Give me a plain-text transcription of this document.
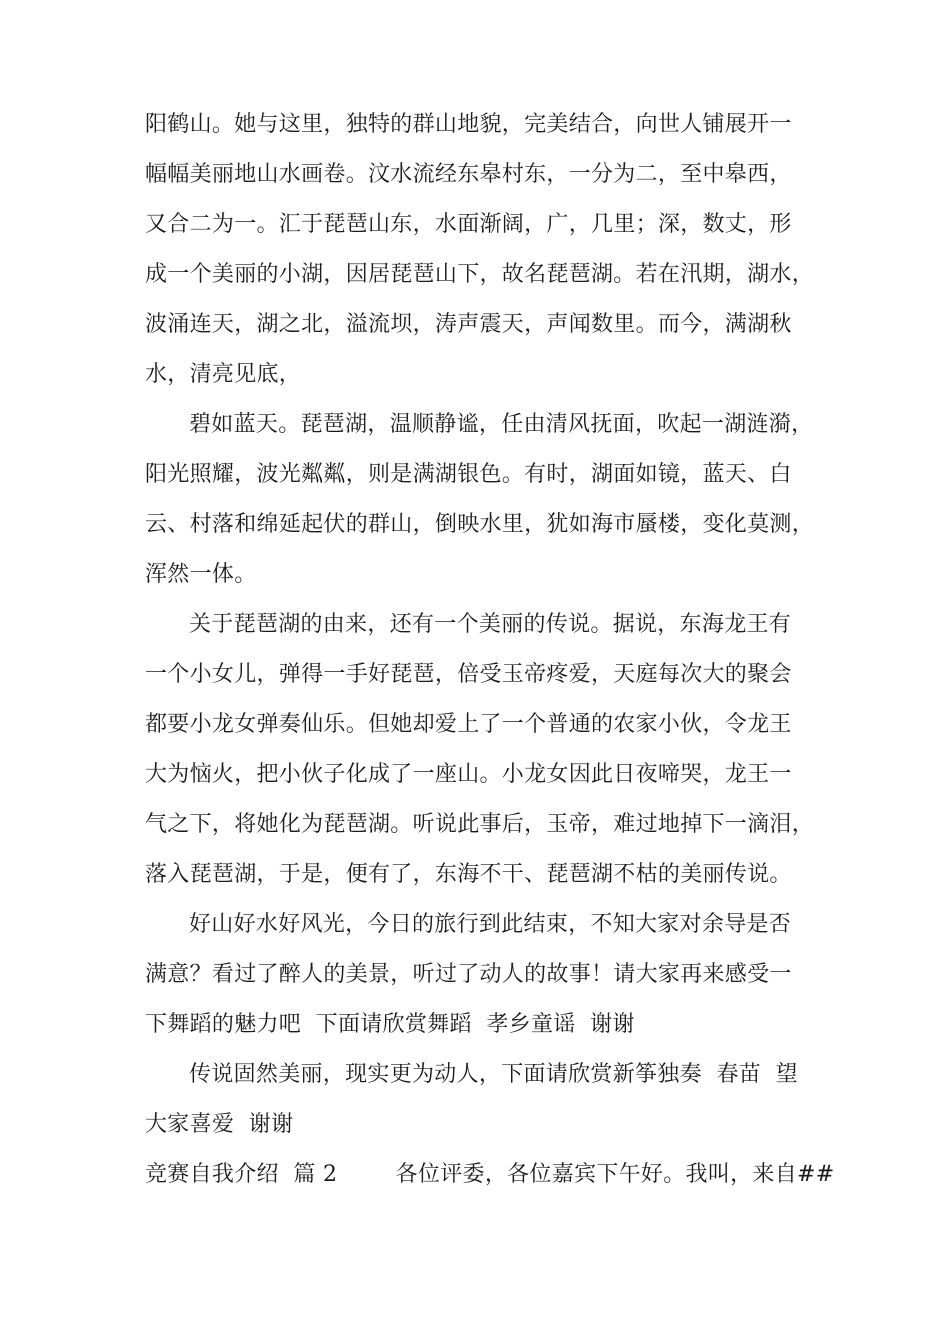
阳鹤山。她与这里，独特的群山地貌，完美结合，向世人铺展开一
幅幅美丽地山水画卷。汶水流经东皋村东，一分为二，至中皋西，
又合二为一。汇于琵琶山东，水面渐阔，广，几里；深，数丈，形
成一个美丽的小湖，因居琵琶山下，故名琵琶湖。若在汛期，湖水，
波涌连天，湖之北，溢流坝，涛声震天，声闻数里。而今，满湖秋
水，清亮见底，
碧如蓝天。琵琶湖，温顺静谧，任由清风抚面，吹起一湖涟漪，
阳光照耀，波光粼粼，则是满湖银色。有时，湖面如镜，蓝天、白
云、村落和绵延起伏的群山，倒映水里，犹如海市蜃楼，变化莫测，
浑然一体。
关于琵琶湖的由来，还有一个美丽的传说。据说，东海龙王有
一个小女儿，弹得一手好琵琶，倍受玉帝疼爱，天庭每次大的聚会
都要小龙女弹奏仙乐。但她却爱上了一个普通的农家小伙，令龙王
大为恼火，把小伙子化成了一座山。小龙女因此日夜啼哭，龙王一
气之下，将她化为琵琶湖。听说此事后，玉帝，难过地掉下一滴泪，
落入琵琶湖，于是，便有了，东海不干、琵琶湖不枯的美丽传说。
好山好水好风光，今日的旅行到此结束，不知大家对余导是否
满意？看过了醉人的美景，听过了动人的故事！请大家再来感受一
下舞蹈的魅力吧  下面请欣赏舞蹈  孝乡童谣  谢谢
传说固然美丽，现实更为动人，下面请欣赏新筝独奏  春苗  望
大家喜爱  谢谢
竞赛自我介绍  篇 2        各位评委，各位嘉宾下午好。我叫，来自##
